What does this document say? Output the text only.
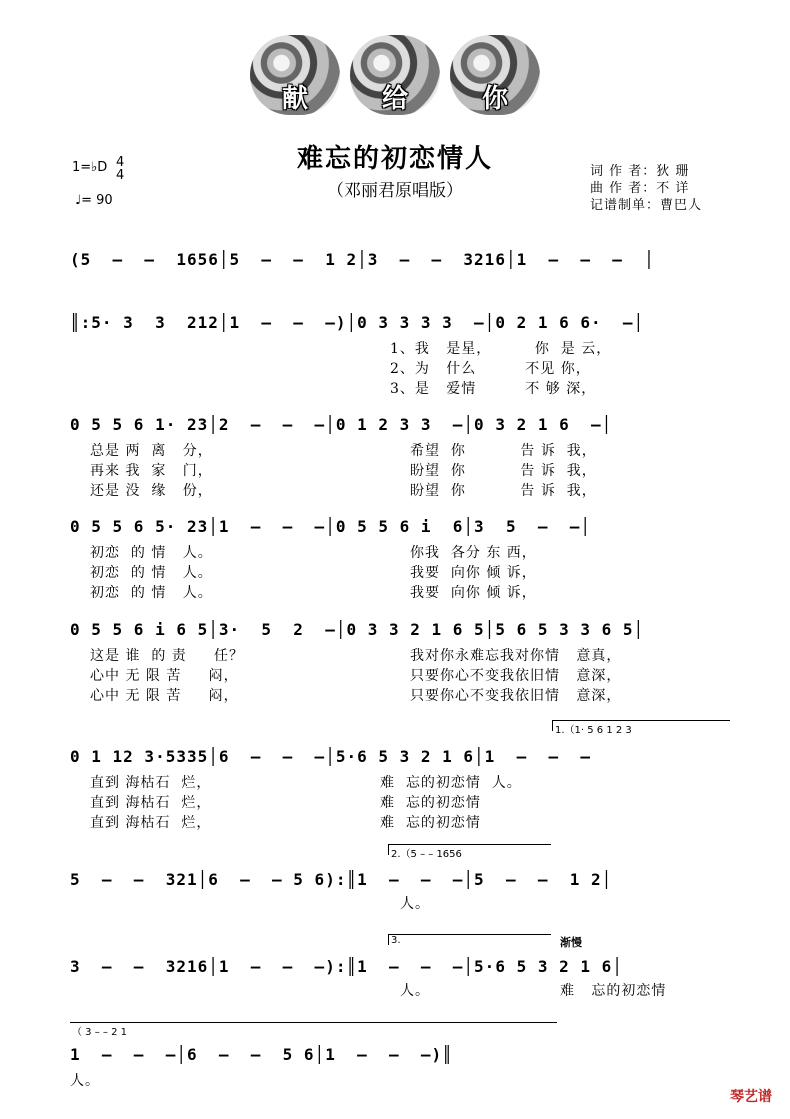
献	给	你
难忘的初恋情人
（邓丽君原唱版）
1=♭D 4
4
♩= 90
词 作 者：狄 珊
曲 作 者：不 详
记谱制单：曹巴人
(5  –  –  1656│5  –  –  1 2│3  –  –  3216│1  –  –  –  │
║:5· 3  3  212│1  –  –  –)│0 3 3 3 3  –│0 2 1 6 6·  –│
1、我   是星，        你  是 云，
2、为   什么         不见 你，
3、是   爱情         不 够 深，
0 5 5 6 1· 23│2  –  –  –│0 1 2 3 3  –│0 3 2 1 6  –│
总是 两  离   分，
再来 我  家   门，
还是 没  缘   份，
希望  你          告 诉  我，
盼望  你          告 诉  我，
盼望  你          告 诉  我，
0 5 5 6 5· 23│1  –  –  –│0 5 5 6 i  6│3  5  –  –│
初恋  的 情   人。
初恋  的 情   人。
初恋  的 情   人。
你我  各分 东 西，
我要  向你 倾 诉，
我要  向你 倾 诉，
0 5 5 6 i 6 5│3·  5  2  –│0 3 3 2 1 6 5│5 6 5 3 3 6 5│
这是 谁  的 责     任？
心中 无 限 苦     闷，
心中 无 限 苦     闷，
我对你永难忘我对你情   意真，
只要你心不变我依旧情   意深，
只要你心不变我依旧情   意深，
1.（1· 5 6 1 2 3
0 1 12 3·5335│6  –  –  –│5·6 5 3 2 1 6│1  –  –  –
直到 海枯石  烂，
直到 海枯石  烂，
直到 海枯石  烂，
难  忘的初恋情  人。
难  忘的初恋情
难  忘的初恋情
2.（5 – – 1656
5  –  –  321│6  –  – 5 6):║1  –  –  –│5  –  –  1 2│
人。
3.	渐慢
3  –  –  3216│1  –  –  –):║1  –  –  –│5·6 5 3 2 1 6│
人。	难   忘的初恋情
（ 3 – – 2 1
1  –  –  –│6  –  –  5 6│1  –  –  –)║
人。
琴艺谱
